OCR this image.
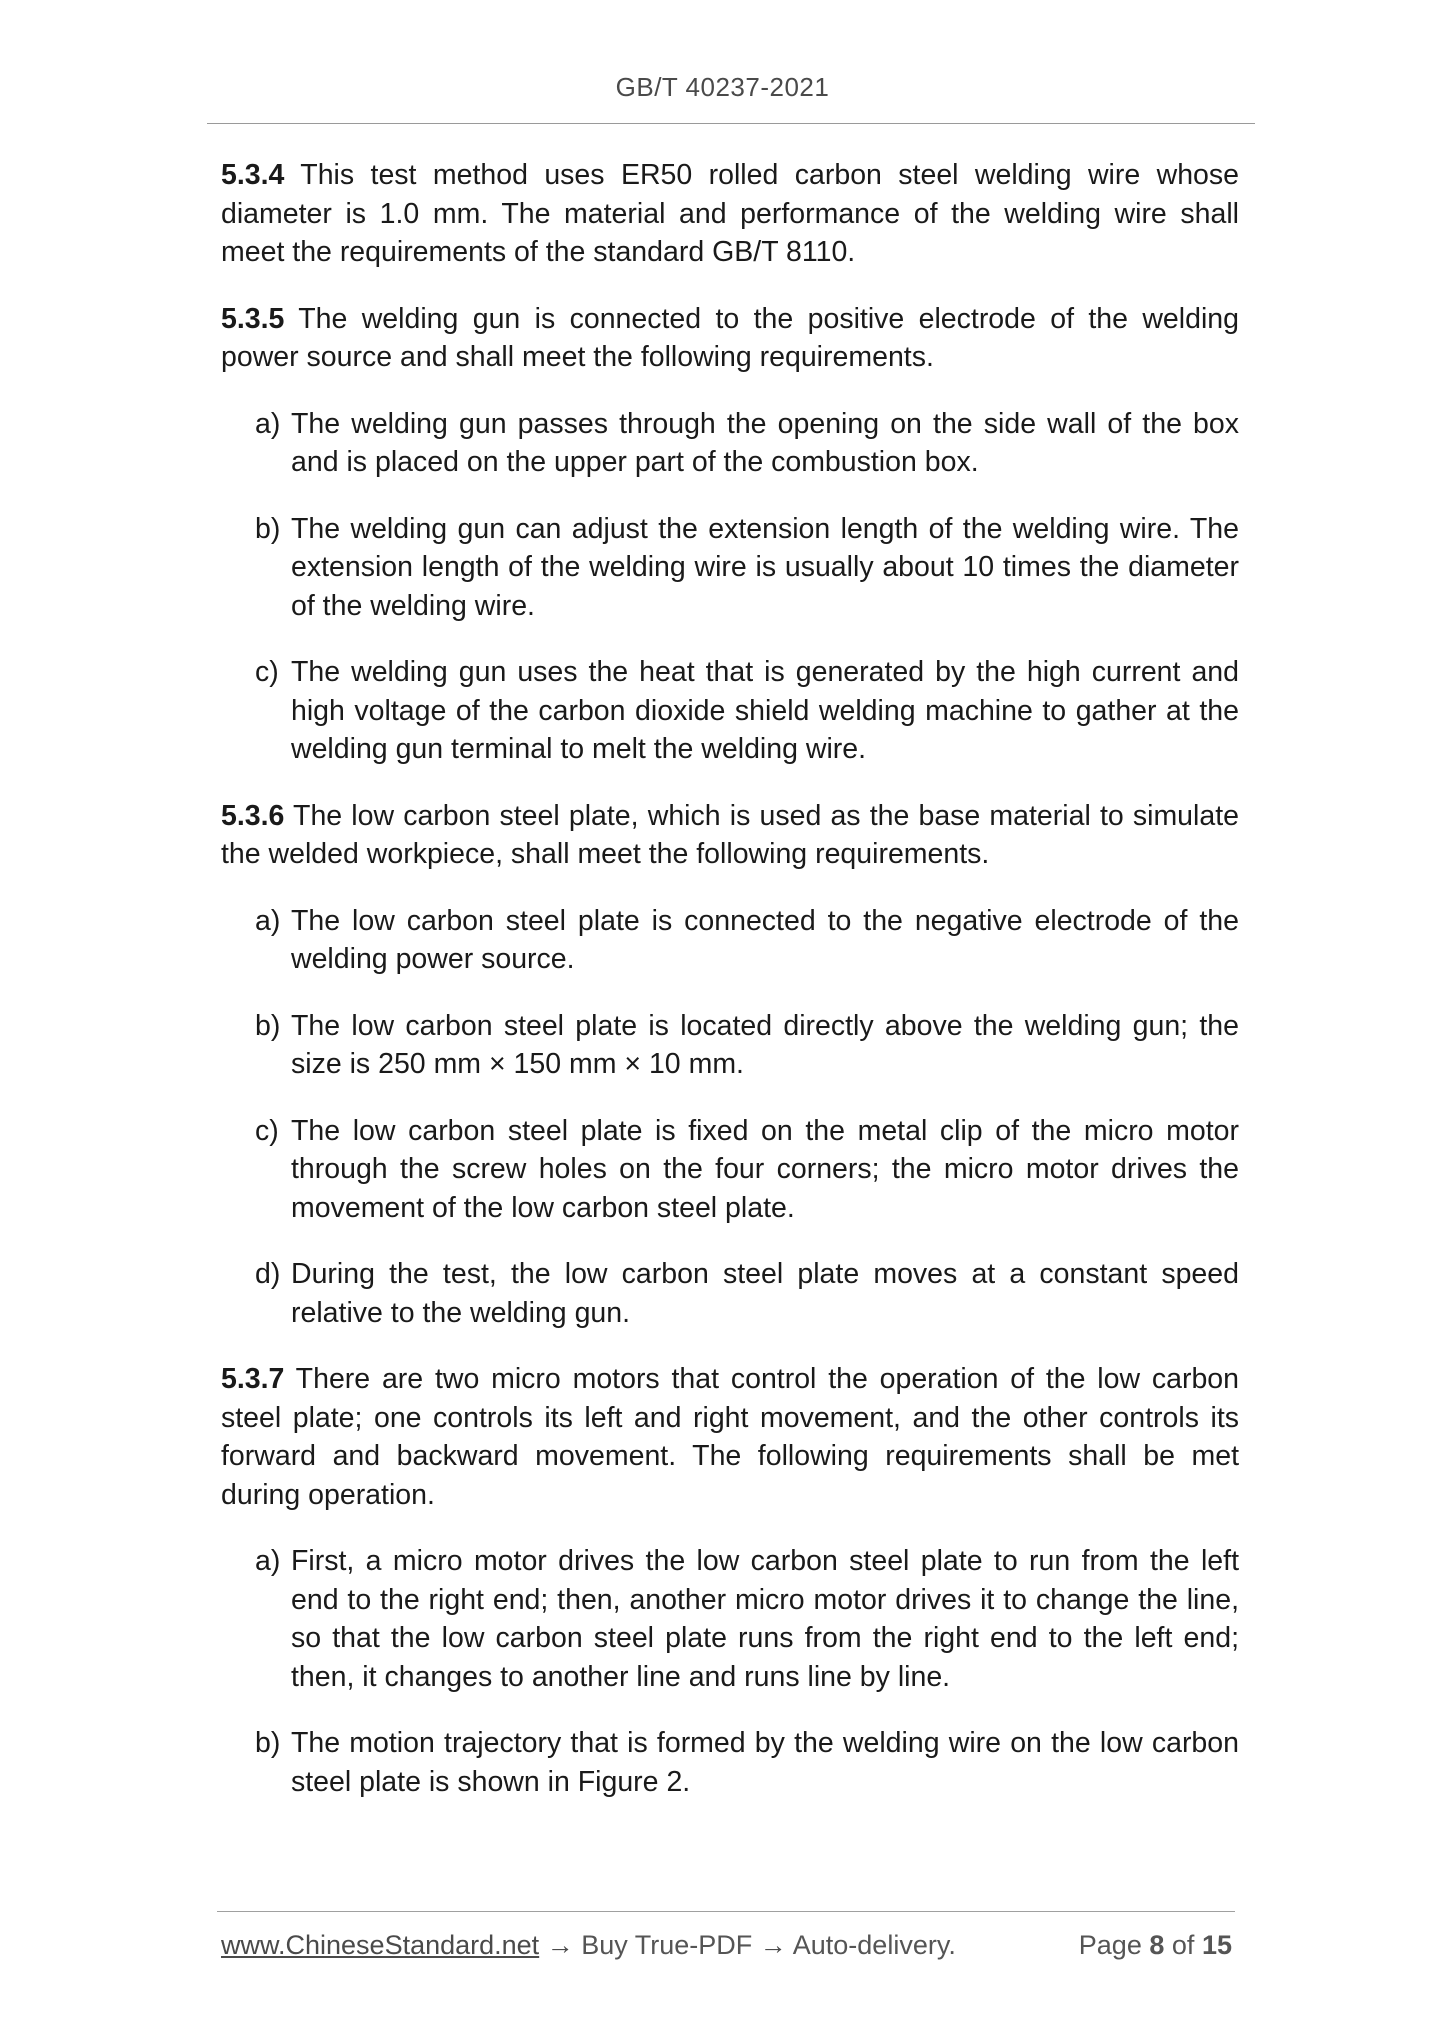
GB/T 40237-2021

5.3.4 This test method uses ER50 rolled carbon steel welding wire whose diameter is 1.0 mm. The material and performance of the welding wire shall meet the requirements of the standard GB/T 8110.

5.3.5 The welding gun is connected to the positive electrode of the welding power source and shall meet the following requirements.

a) The welding gun passes through the opening on the side wall of the box and is placed on the upper part of the combustion box.

b) The welding gun can adjust the extension length of the welding wire. The extension length of the welding wire is usually about 10 times the diameter of the welding wire.

c) The welding gun uses the heat that is generated by the high current and high voltage of the carbon dioxide shield welding machine to gather at the welding gun terminal to melt the welding wire.

5.3.6 The low carbon steel plate, which is used as the base material to simulate the welded workpiece, shall meet the following requirements.

a) The low carbon steel plate is connected to the negative electrode of the welding power source.

b) The low carbon steel plate is located directly above the welding gun; the size is 250 mm × 150 mm × 10 mm.

c) The low carbon steel plate is fixed on the metal clip of the micro motor through the screw holes on the four corners; the micro motor drives the movement of the low carbon steel plate.

d) During the test, the low carbon steel plate moves at a constant speed relative to the welding gun.

5.3.7 There are two micro motors that control the operation of the low carbon steel plate; one controls its left and right movement, and the other controls its forward and backward movement. The following requirements shall be met during operation.

a) First, a micro motor drives the low carbon steel plate to run from the left end to the right end; then, another micro motor drives it to change the line, so that the low carbon steel plate runs from the right end to the left end; then, it changes to another line and runs line by line.

b) The motion trajectory that is formed by the welding wire on the low carbon steel plate is shown in Figure 2.

www.ChineseStandard.net → Buy True-PDF → Auto-delivery.	Page 8 of 15
